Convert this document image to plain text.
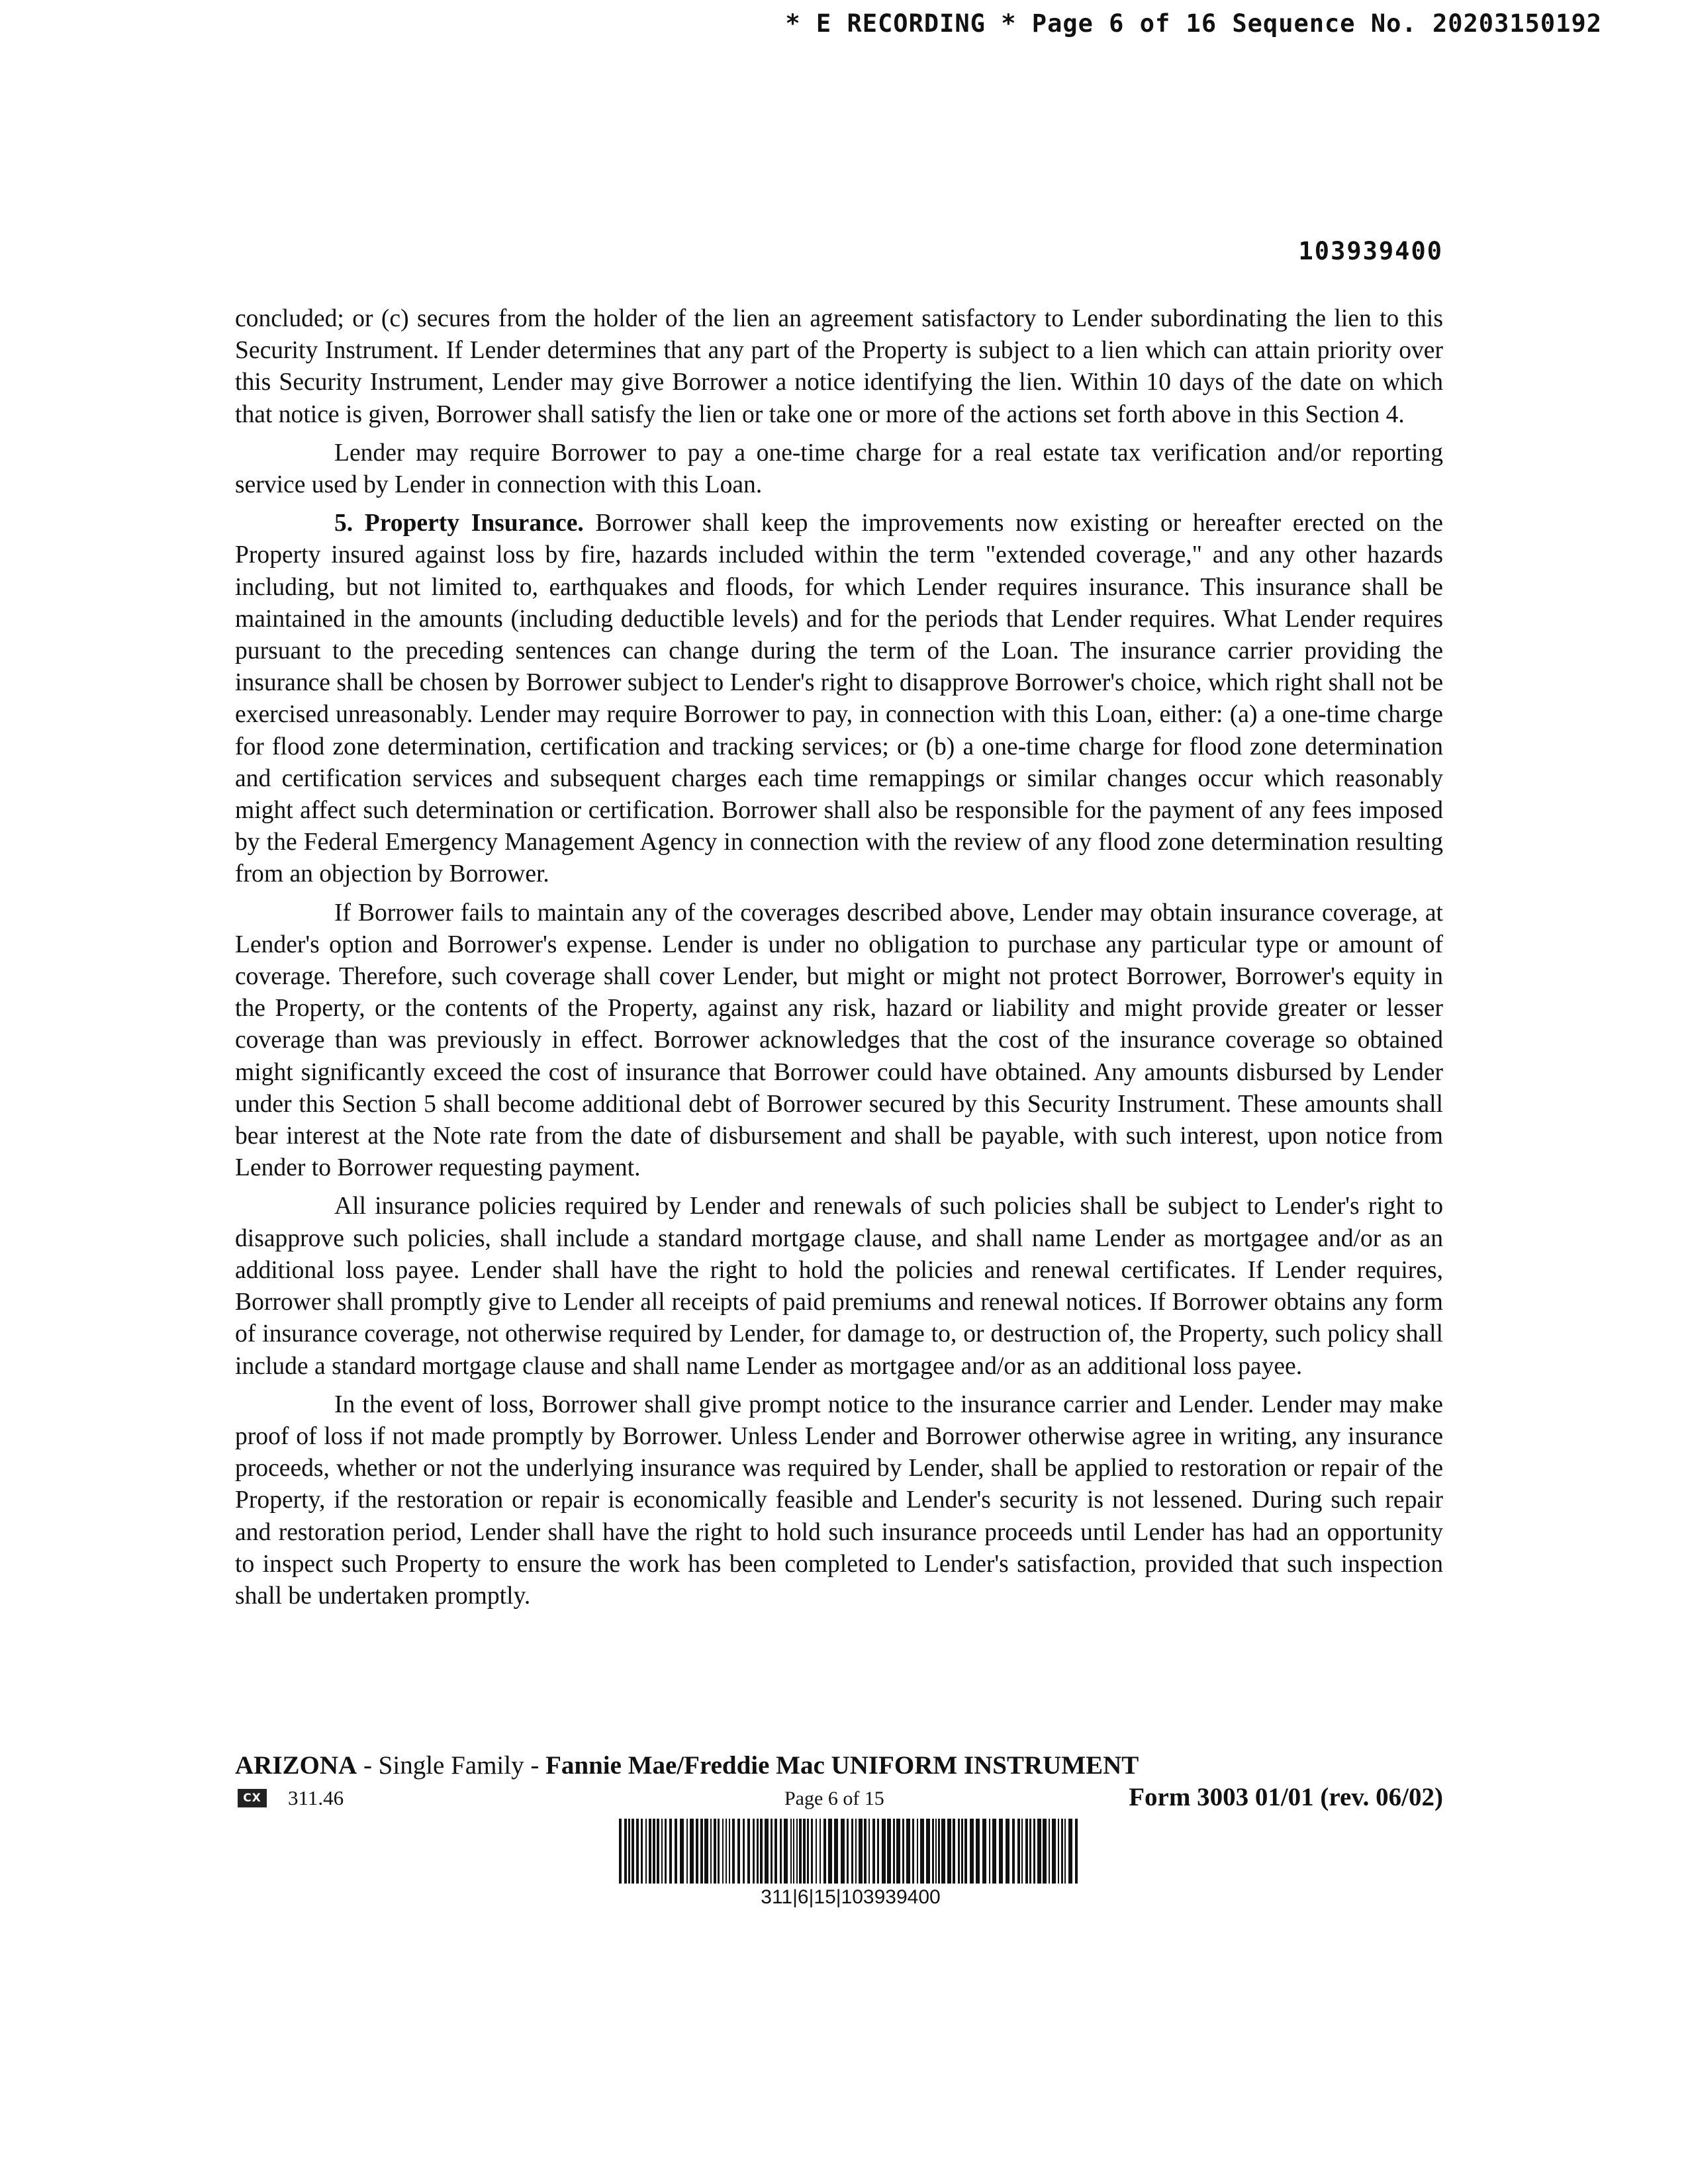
* E RECORDING * Page 6 of 16 Sequence No. 20203150192
103939400

concluded; or (c) secures from the holder of the lien an agreement satisfactory to Lender subordinating the lien to this Security Instrument. If Lender determines that any part of the Property is subject to a lien which can attain priority over this Security Instrument, Lender may give Borrower a notice identifying the lien. Within 10 days of the date on which that notice is given, Borrower shall satisfy the lien or take one or more of the actions set forth above in this Section 4.

Lender may require Borrower to pay a one-time charge for a real estate tax verification and/or reporting service used by Lender in connection with this Loan.

5. Property Insurance. Borrower shall keep the improvements now existing or hereafter erected on the Property insured against loss by fire, hazards included within the term "extended coverage," and any other hazards including, but not limited to, earthquakes and floods, for which Lender requires insurance. This insurance shall be maintained in the amounts (including deductible levels) and for the periods that Lender requires. What Lender requires pursuant to the preceding sentences can change during the term of the Loan. The insurance carrier providing the insurance shall be chosen by Borrower subject to Lender's right to disapprove Borrower's choice, which right shall not be exercised unreasonably. Lender may require Borrower to pay, in connection with this Loan, either: (a) a one-time charge for flood zone determination, certification and tracking services; or (b) a one-time charge for flood zone determination and certification services and subsequent charges each time remappings or similar changes occur which reasonably might affect such determination or certification. Borrower shall also be responsible for the payment of any fees imposed by the Federal Emergency Management Agency in connection with the review of any flood zone determination resulting from an objection by Borrower.

If Borrower fails to maintain any of the coverages described above, Lender may obtain insurance coverage, at Lender's option and Borrower's expense. Lender is under no obligation to purchase any particular type or amount of coverage. Therefore, such coverage shall cover Lender, but might or might not protect Borrower, Borrower's equity in the Property, or the contents of the Property, against any risk, hazard or liability and might provide greater or lesser coverage than was previously in effect. Borrower acknowledges that the cost of the insurance coverage so obtained might significantly exceed the cost of insurance that Borrower could have obtained. Any amounts disbursed by Lender under this Section 5 shall become additional debt of Borrower secured by this Security Instrument. These amounts shall bear interest at the Note rate from the date of disbursement and shall be payable, with such interest, upon notice from Lender to Borrower requesting payment.

All insurance policies required by Lender and renewals of such policies shall be subject to Lender's right to disapprove such policies, shall include a standard mortgage clause, and shall name Lender as mortgagee and/or as an additional loss payee. Lender shall have the right to hold the policies and renewal certificates. If Lender requires, Borrower shall promptly give to Lender all receipts of paid premiums and renewal notices. If Borrower obtains any form of insurance coverage, not otherwise required by Lender, for damage to, or destruction of, the Property, such policy shall include a standard mortgage clause and shall name Lender as mortgagee and/or as an additional loss payee.

In the event of loss, Borrower shall give prompt notice to the insurance carrier and Lender. Lender may make proof of loss if not made promptly by Borrower. Unless Lender and Borrower otherwise agree in writing, any insurance proceeds, whether or not the underlying insurance was required by Lender, shall be applied to restoration or repair of the Property, if the restoration or repair is economically feasible and Lender's security is not lessened. During such repair and restoration period, Lender shall have the right to hold such insurance proceeds until Lender has had an opportunity to inspect such Property to ensure the work has been completed to Lender's satisfaction, provided that such inspection shall be undertaken promptly.

ARIZONA - Single Family - Fannie Mae/Freddie Mac UNIFORM INSTRUMENT
CX 311.46	Page 6 of 15	Form 3003 01/01 (rev. 06/02)
311|6|15|103939400
